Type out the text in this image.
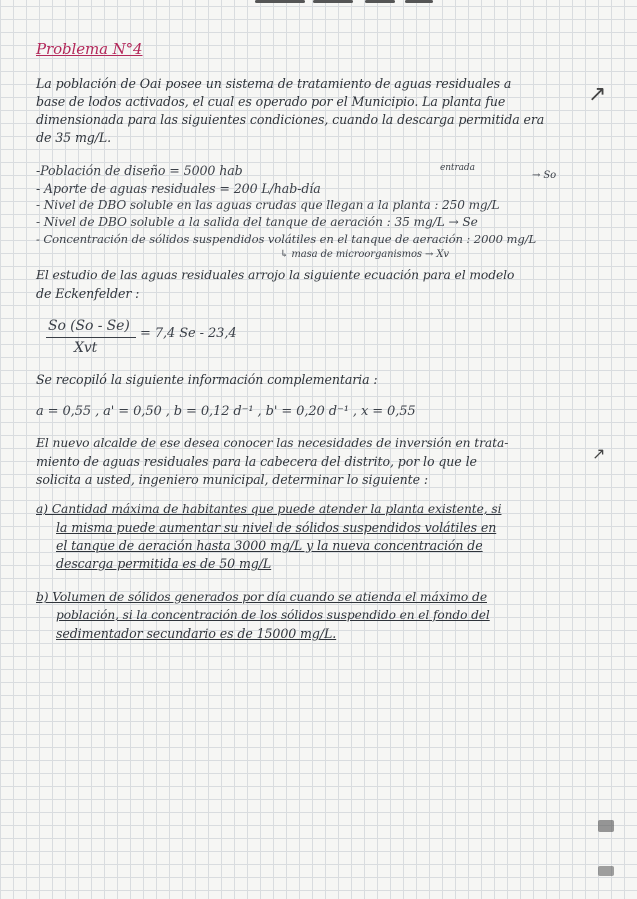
Problema N°4
La población de Oai posee un sistema de tratamiento de aguas residuales a
base de lodos activados, el cual es operado por el Municipio. La planta fue
dimensionada para las siguientes condiciones, cuando la descarga permitida era
de 35 mg/L.
↗
entrada
→ So
-Población de diseño = 5000 hab
- Aporte de aguas residuales = 200 L/hab-día
- Nivel de DBO soluble en las aguas crudas que llegan a la planta : 250 mg/L
- Nivel de DBO soluble a la salida del tanque de aeración : 35 mg/L → Se
- Concentración de sólidos suspendidos volátiles en el tanque de aeración : 2000 mg/L
↳ masa de microorganismos → Xv
El estudio de las aguas residuales arrojo la siguiente ecuación para el modelo
de Eckenfelder :
So (So - Se)
Xvt
= 7,4 Se - 23,4
Se recopiló la siguiente información complementaria :
a = 0,55 , a' = 0,50 , b = 0,12 d⁻¹ , b' = 0,20 d⁻¹ , x = 0,55
El nuevo alcalde de ese desea conocer las necesidades de inversión en trata-
miento de aguas residuales para la cabecera del distrito, por lo que le
solicita a usted, ingeniero municipal, determinar lo siguiente :
↗
a) Cantidad máxima de habitantes que puede atender la planta existente, si
la misma puede aumentar su nivel de sólidos suspendidos volátiles en
el tanque de aeración hasta 3000 mg/L y la nueva concentración de
descarga permitida es de 50 mg/L
b) Volumen de sólidos generados por día cuando se atienda el máximo de
población, si la concentración de los sólidos suspendido en el fondo del
sedimentador secundario es de 15000 mg/L.
